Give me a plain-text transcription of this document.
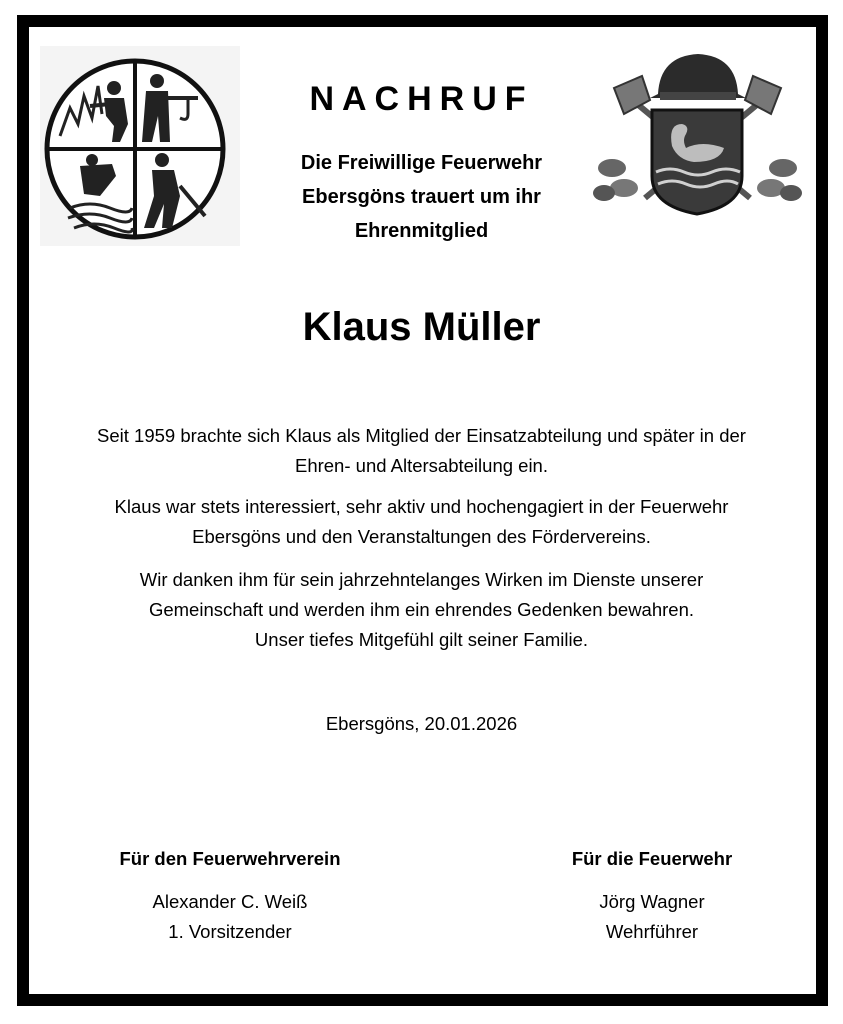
NACHRUF
Die Freiwillige Feuerwehr
Ebersgöns trauert um ihr
Ehrenmitglied
Klaus Müller
Seit 1959 brachte sich Klaus als Mitglied der Einsatzabteilung und später in der
Ehren- und Altersabteilung ein.
Klaus war stets interessiert, sehr aktiv und hochengagiert in der Feuerwehr
Ebersgöns und den Veranstaltungen des Fördervereins.
Wir danken ihm für sein jahrzehntelanges Wirken im Dienste unserer
Gemeinschaft und werden ihm ein ehrendes Gedenken bewahren.
Unser tiefes Mitgefühl gilt seiner Familie.
Ebersgöns, 20.01.2026
Für den Feuerwehrverein
Alexander C. Weiß
1. Vorsitzender
Für die Feuerwehr
Jörg Wagner
Wehrführer
